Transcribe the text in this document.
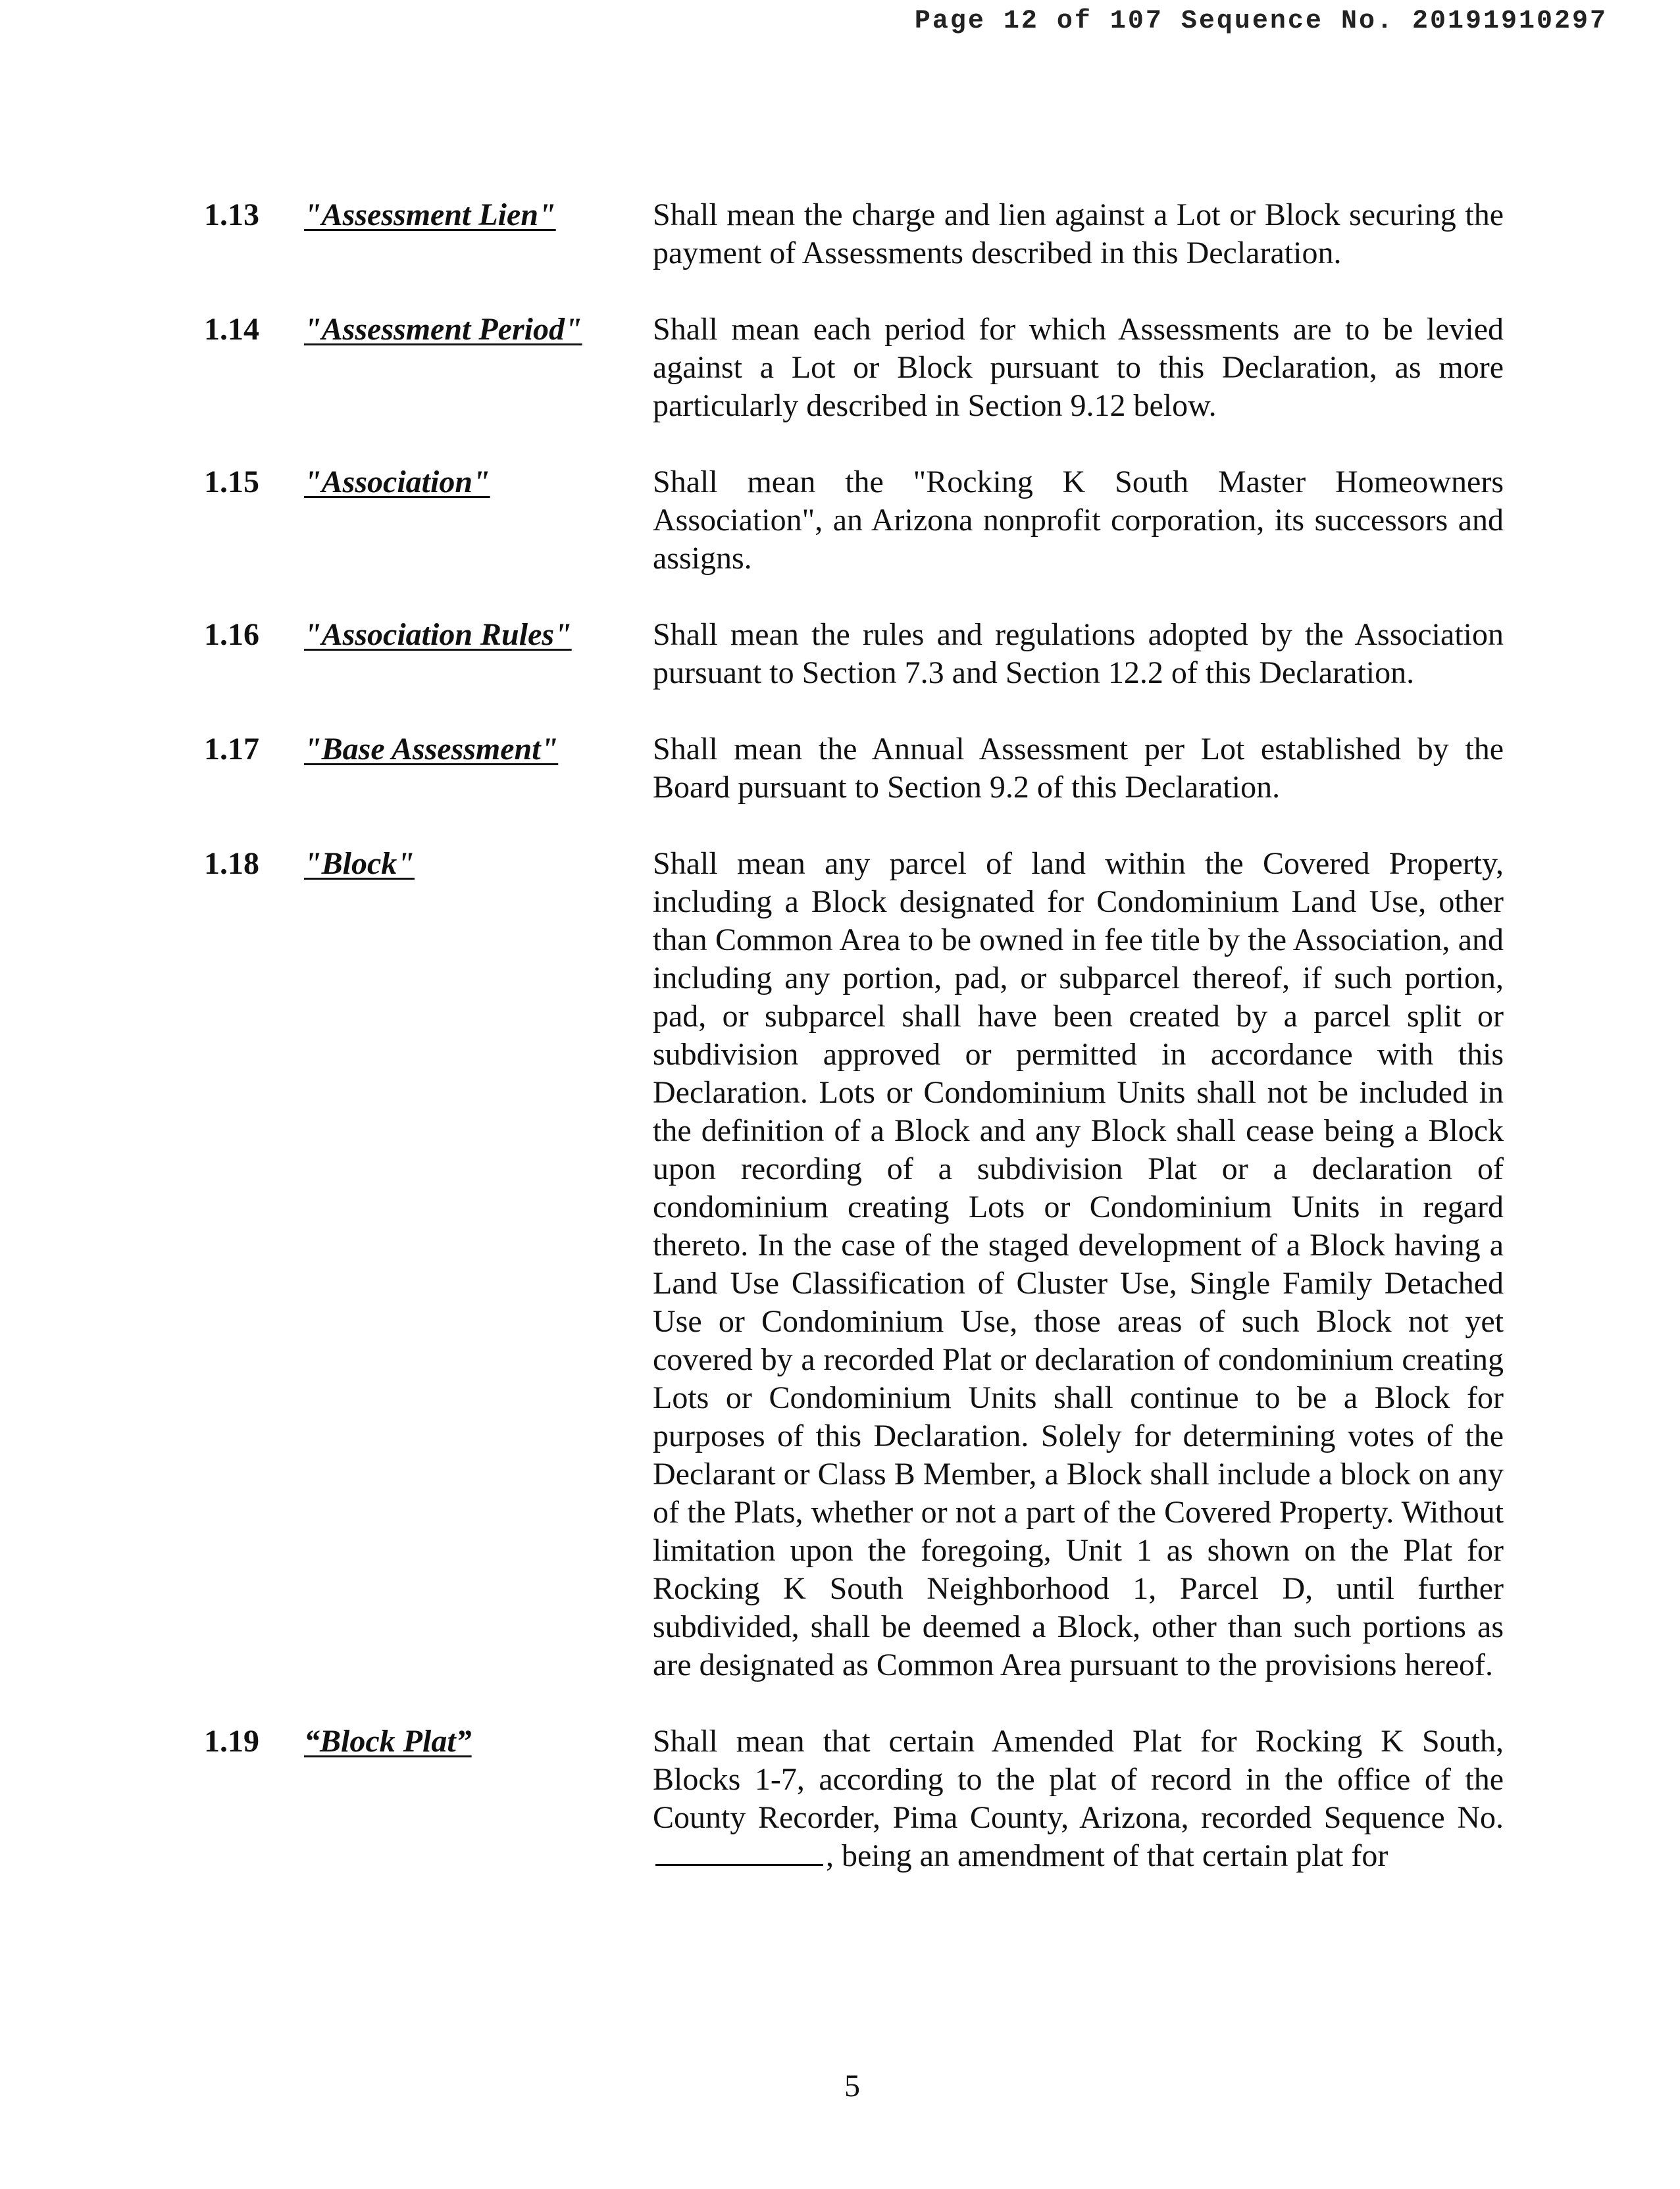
Page 12 of 107 Sequence No. 20191910297
1.13	"Assessment Lien"	Shall mean the charge and lien against a Lot or Block securing the payment of Assessments described in this Declaration.
1.14	"Assessment Period"	Shall mean each period for which Assessments are to be levied against a Lot or Block pursuant to this Declaration, as more particularly described in Section 9.12 below.
1.15	"Association"	Shall mean the "Rocking K South Master Homeowners Association", an Arizona nonprofit corporation, its successors and assigns.
1.16	"Association Rules"	Shall mean the rules and regulations adopted by the Association pursuant to Section 7.3 and Section 12.2 of this Declaration.
1.17	"Base Assessment"	Shall mean the Annual Assessment per Lot established by the Board pursuant to Section 9.2 of this Declaration.
1.18	"Block"	Shall mean any parcel of land within the Covered Property, including a Block designated for Condominium Land Use, other than Common Area to be owned in fee title by the Association, and including any portion, pad, or subparcel thereof, if such portion, pad, or subparcel shall have been created by a parcel split or subdivision approved or permitted in accordance with this Declaration. Lots or Condominium Units shall not be included in the definition of a Block and any Block shall cease being a Block upon recording of a subdivision Plat or a declaration of condominium creating Lots or Condominium Units in regard thereto. In the case of the staged development of a Block having a Land Use Classification of Cluster Use, Single Family Detached Use or Condominium Use, those areas of such Block not yet covered by a recorded Plat or declaration of condominium creating Lots or Condominium Units shall continue to be a Block for purposes of this Declaration. Solely for determining votes of the Declarant or Class B Member, a Block shall include a block on any of the Plats, whether or not a part of the Covered Property. Without limitation upon the foregoing, Unit 1 as shown on the Plat for Rocking K South Neighborhood 1, Parcel D, until further subdivided, shall be deemed a Block, other than such portions as are designated as Common Area pursuant to the provisions hereof.
1.19	“Block Plat”	Shall mean that certain Amended Plat for Rocking K South, Blocks 1-7, according to the plat of record in the office of the County Recorder, Pima County, Arizona, recorded Sequence No. , being an amendment of that certain plat for
5
